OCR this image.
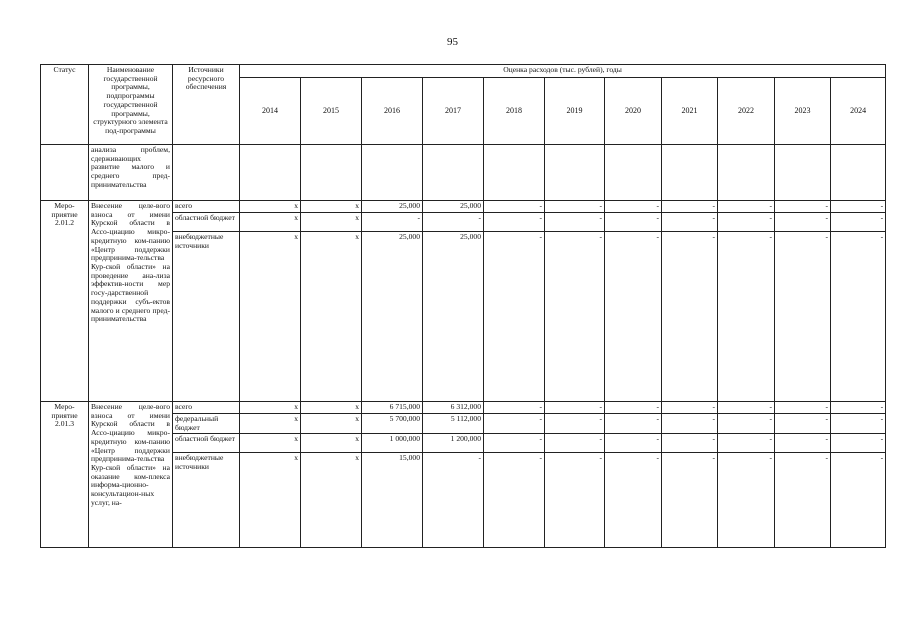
95
Статус	Наименование государственной программы, подпрограммы государственной программы, структурного элемента под-программы	Источники ресурсного обеспечения	Оценка расходов (тыс. рублей), годы										
			2014	2015	2016	2017	2018	2019	2020	2021	2022	2023	2024
	анализа проблем, сдерживающих развитие малого и среднего пред-принимательства												
Меро-приятие 2.01.2	Внесение целе-вого взноса от имени Курской области в Ассо-циацию микро-кредитную ком-панию «Центр поддержки предпринима-тельства Кур-ской области» на проведение ана-лиза эффектив-ности мер госу-дарственной поддержки субъ-ектов малого и среднего пред-принимательства	всего	x	x	25,000	25,000	-	-	-	-	-	-	-
		областной бюджет	x	x	-	-	-	-	-	-	-	-	-
		внебюджетные источники	x	x	25,000	25,000	-	-	-	-	-	-	-
Меро-приятие 2.01.3	Внесение целе-вого взноса от имени Курской области в Ассо-циацию микро-кредитную ком-панию «Центр поддержки предпринима-тельства Кур-ской области» на оказание ком-плекса информа-ционно-консультацион-ных услуг, на-	всего	x	x	6 715,000	6 312,000	-	-	-	-	-	-	-
		федеральный бюджет	x	x	5 700,000	5 112,000	-	-	-	-	-	-	-
		областной бюджет	x	x	1 000,000	1 200,000	-	-	-	-	-	-	-
		внебюджетные источники	x	x	15,000	-	-	-	-	-	-	-	-
